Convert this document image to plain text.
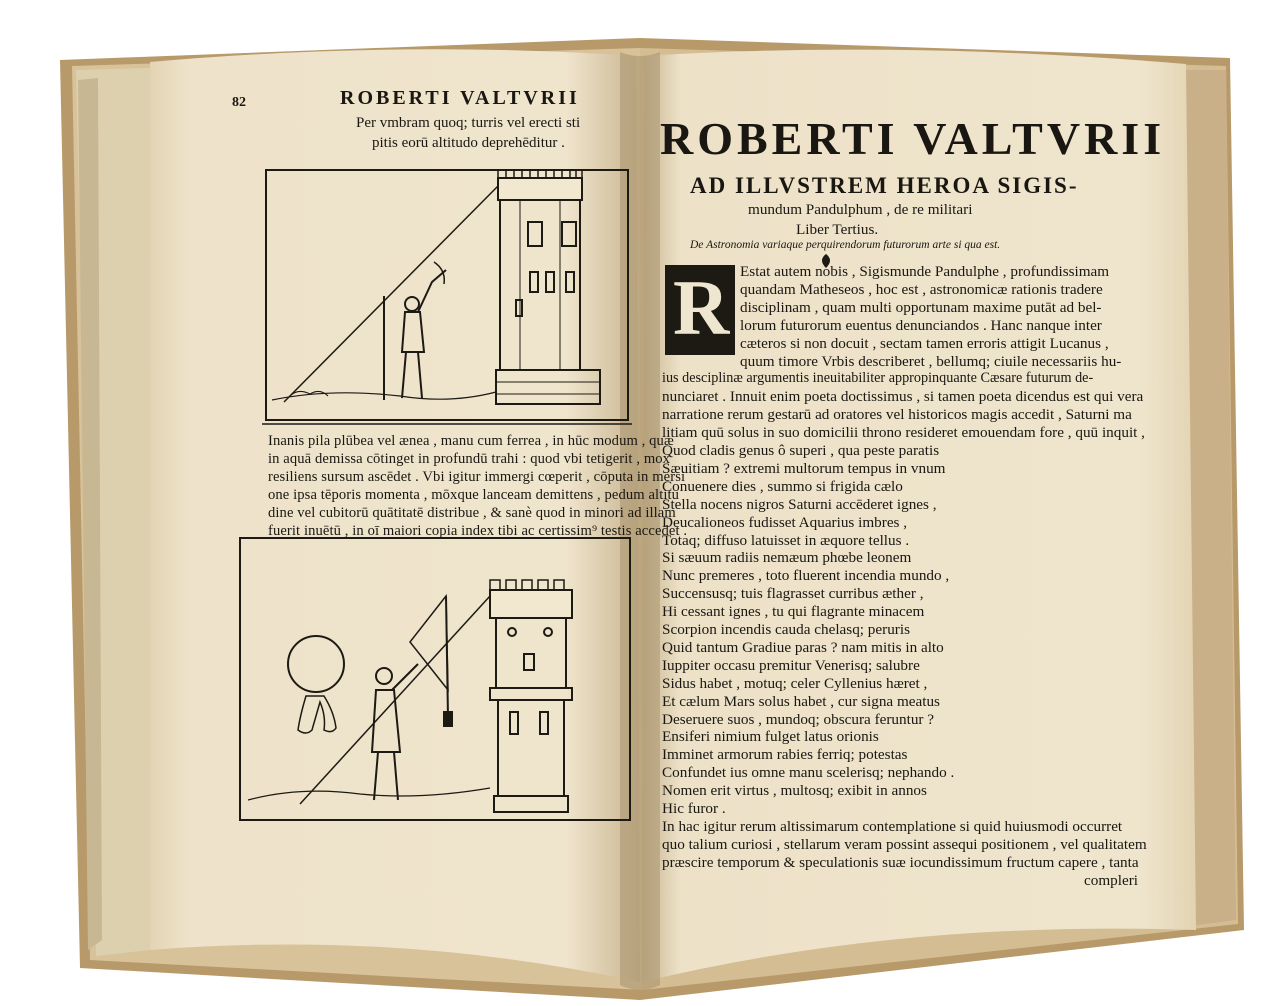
82	ROBERTI VALTVRII
Per vmbram quoq; turris vel erecti sti
pitis eorū altitudo deprehēditur .
Inanis pila plūbea vel ænea , manu cum ferrea , in hūc modum , quæ
in aquā demissa cōtinget in profundū trahi : quod vbi tetigerit , mox
resiliens sursum ascēdet . Vbi igitur immergi cœperit , cōputa in mersi
one ipsa tēporis momenta , mōxque lanceam demittens , pedum altitu
dine vel cubitorū quātitatē distribue , & sanè quod in minori ad illam
fuerit inuētū , in oī maiori copia index tibi ac certissim⁹ testis accedet .
ROBERTI VALTVRII
AD ILLVSTREM HEROA SIGIS-
mundum Pandulphum , de re militari
Liber Tertius.
De Astronomia variaque perquirendorum futurorum arte si qua est.
R Estat autem nobis , Sigismunde Pandulphe , profundissimam
quandam Matheseos , hoc est , astronomicæ rationis tradere
disciplinam , quam multi opportunam maxime putāt ad bel-
lorum futurorum euentus denunciandos . Hanc nanque inter
cæteros si non docuit , sectam tamen erroris attigit Lucanus ,
quum timore Vrbis describeret , bellumq; ciuile necessariis hu-
ius desciplinæ argumentis ineuitabiliter appropinquante Cæsare futurum de-
nunciaret . Innuit enim poeta doctissimus , si tamen poeta dicendus est qui vera
narratione rerum gestarū ad oratores vel historicos magis accedit , Saturni ma
litiam quū solus in suo domicilii throno resideret emouendam fore , quū inquit ,
Quod cladis genus ô superi , qua peste paratis
Sæuitiam ? extremi multorum tempus in vnum
Conuenere dies , summo si frigida cælo
Stella nocens nigros Saturni accēderet ignes ,
Deucalioneos fudisset Aquarius imbres ,
Totaq; diffuso latuisset in æquore tellus .
Si sæuum radiis nemæum phœbe leonem
Nunc premeres , toto fluerent incendia mundo ,
Succensusq; tuis flagrasset curribus æther ,
Hi cessant ignes , tu qui flagrante minacem
Scorpion incendis cauda chelasq; peruris
Quid tantum Gradiue paras ? nam mitis in alto
Iuppiter occasu premitur Venerisq; salubre
Sidus habet , motuq; celer Cyllenius hæret ,
Et cælum Mars solus habet , cur signa meatus
Deseruere suos , mundoq; obscura feruntur ?
Ensiferi nimium fulget latus orionis
Imminet armorum rabies ferriq; potestas
Confundet ius omne manu scelerisq; nephando .
Nomen erit virtus , multosq; exibit in annos
Hic furor .
In hac igitur rerum altissimarum contemplatione si quid huiusmodi occurret
quo talium curiosi , stellarum veram possint assequi positionem , vel qualitatem
præscire temporum & speculationis suæ iocundissimum fructum capere , tanta
compleri
